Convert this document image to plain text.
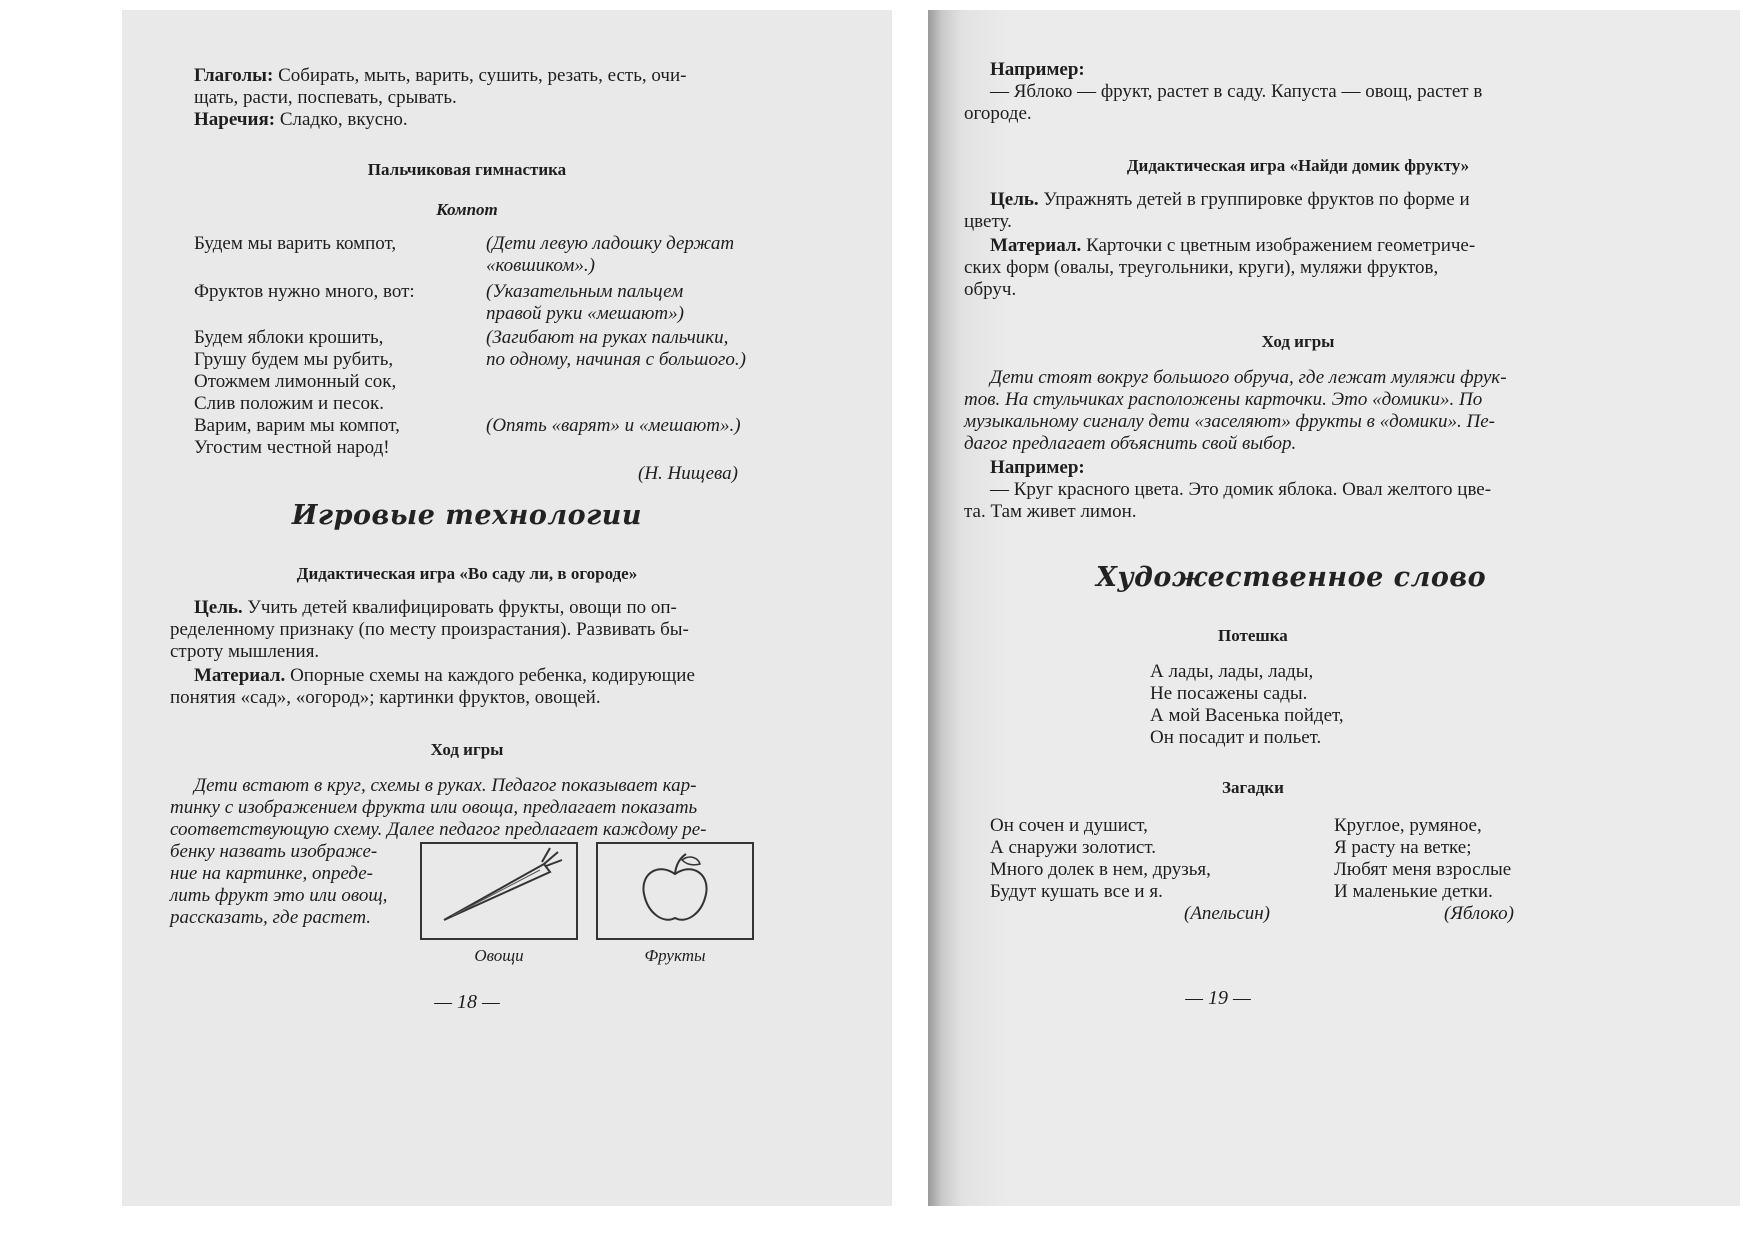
Глаголы: Собирать, мыть, варить, сушить, резать, есть, очи-
щать, расти, поспевать, срывать.
Наречия: Сладко, вкусно.
Пальчиковая гимнастика
Компот
Будем мы варить компот,
Фруктов нужно много, вот:
Будем яблоки крошить,
Грушу будем мы рубить,
Отожмем лимонный сок,
Слив положим и песок.
Варим, варим мы компот,
Угостим честной народ!
(Дети левую ладошку держат
«ковшиком».)
(Указательным пальцем
правой руки «мешают»)
(Загибают на руках пальчики,
по одному, начиная с большого.)
(Опять «варят» и «мешают».)
(Н. Нищева)
Игровые технологии
Дидактическая игра «Во саду ли, в огороде»
Цель. Учить детей квалифицировать фрукты, овощи по оп-
ределенному признаку (по месту произрастания). Развивать бы-
строту мышления.
Материал. Опорные схемы на каждого ребенка, кодирующие
понятия «сад», «огород»; картинки фруктов, овощей.
Ход игры
Дети встают в круг, схемы в руках. Педагог показывает кар-
тинку с изображением фрукта или овоща, предлагает показать
соответствующую схему. Далее педагог предлагает каждому ре-
бенку назвать изображе-
ние на картинке, опреде-
лить фрукт это или овощ,
рассказать, где растет.
Овощи	Фрукты
— 18 —
Например:
— Яблоко — фрукт, растет в саду. Капуста — овощ, растет в
огороде.
Дидактическая игра «Найди домик фрукту»
Цель. Упражнять детей в группировке фруктов по форме и
цвету.
Материал. Карточки с цветным изображением геометриче-
ских форм (овалы, треугольники, круги), муляжи фруктов,
обруч.
Ход игры
Дети стоят вокруг большого обруча, где лежат муляжи фрук-
тов. На стульчиках расположены карточки. Это «домики». По
музыкальному сигналу дети «заселяют» фрукты в «домики». Пе-
дагог предлагает объяснить свой выбор.
Например:
— Круг красного цвета. Это домик яблока. Овал желтого цве-
та. Там живет лимон.
Художественное слово
Потешка
А лады, лады, лады,
Не посажены сады.
А мой Васенька пойдет,
Он посадит и польет.
Загадки
Он сочен и душист,
А снаружи золотист.
Много долек в нем, друзья,
Будут кушать все и я.
(Апельсин)
Круглое, румяное,
Я расту на ветке;
Любят меня взрослые
И маленькие детки.
(Яблоко)
— 19 —
